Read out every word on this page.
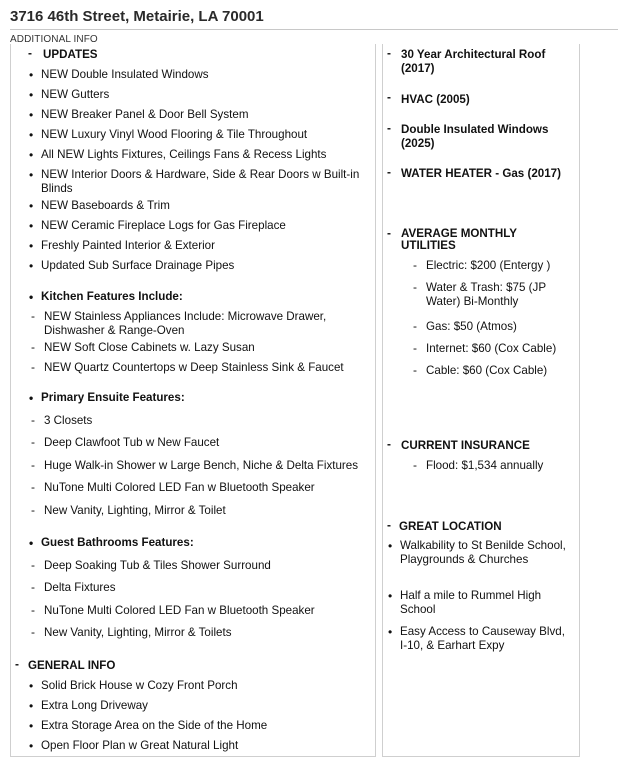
3716 46th Street, Metairie, LA 70001
ADDITIONAL INFO
- UPDATES
• NEW Double Insulated Windows
• NEW Gutters
• NEW Breaker Panel & Door Bell System
• NEW Luxury Vinyl Wood Flooring & Tile Throughout
• All NEW Lights Fixtures, Ceilings Fans & Recess Lights
• NEW Interior Doors & Hardware, Side & Rear Doors w Built-in Blinds
• NEW Baseboards & Trim
• NEW Ceramic Fireplace Logs for Gas Fireplace
• Freshly Painted Interior & Exterior
• Updated Sub Surface Drainage Pipes
• Kitchen Features Include:
- NEW Stainless Appliances Include: Microwave Drawer, Dishwasher & Range-Oven
- NEW Soft Close Cabinets w. Lazy Susan
- NEW Quartz Countertops w Deep Stainless Sink & Faucet
• Primary Ensuite Features:
- 3 Closets
- Deep Clawfoot Tub w New Faucet
- Huge Walk-in Shower w Large Bench, Niche & Delta Fixtures
- NuTone Multi Colored LED Fan w Bluetooth Speaker
- New Vanity, Lighting, Mirror & Toilet
• Guest Bathrooms Features:
- Deep Soaking Tub & Tiles Shower Surround
- Delta Fixtures
- NuTone Multi Colored LED Fan w Bluetooth Speaker
- New Vanity, Lighting, Mirror & Toilets
- GENERAL INFO
• Solid Brick House w Cozy Front Porch
• Extra Long Driveway
• Extra Storage Area on the Side of the Home
• Open Floor Plan w Great Natural Light
- 30 Year Architectural Roof (2017)
- HVAC (2005)
- Double Insulated Windows (2025)
- WATER HEATER - Gas (2017)
- AVERAGE MONTHLY UTILITIES
- Electric: $200 (Entergy )
- Water & Trash: $75 (JP Water) Bi-Monthly
- Gas: $50 (Atmos)
- Internet: $60 (Cox Cable)
- Cable: $60 (Cox Cable)
- CURRENT INSURANCE
- Flood: $1,534 annually
- GREAT LOCATION
• Walkability to St Benilde School, Playgrounds & Churches
• Half a mile to Rummel High School
• Easy Access to Causeway Blvd, I-10, & Earhart Expy
